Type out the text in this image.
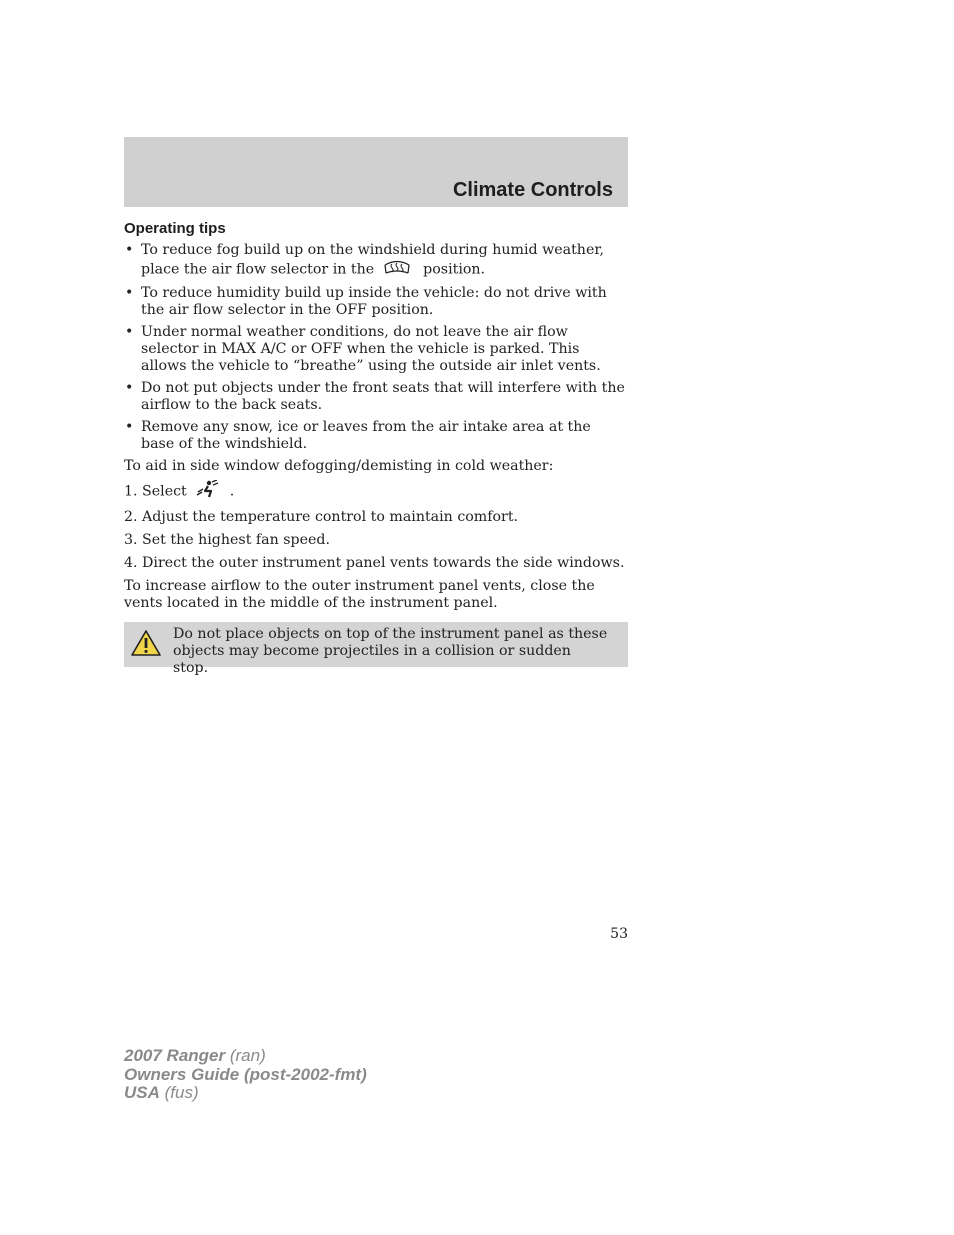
Climate Controls
Operating tips
• To reduce fog build up on the windshield during humid weather, place the air flow selector in the	position.
• To reduce humidity build up inside the vehicle: do not drive with the air flow selector in the OFF position.
• Under normal weather conditions, do not leave the air flow selector in MAX A/C or OFF when the vehicle is parked. This allows the vehicle to “breathe” using the outside air inlet vents.
• Do not put objects under the front seats that will interfere with the airflow to the back seats.
• Remove any snow, ice or leaves from the air intake area at the base of the windshield.

To aid in side window defogging/demisting in cold weather:

1. Select	.
2. Adjust the temperature control to maintain comfort.
3. Set the highest fan speed.
4. Direct the outer instrument panel vents towards the side windows.

To increase airflow to the outer instrument panel vents, close the vents located in the middle of the instrument panel.

Do not place objects on top of the instrument panel as these objects may become projectiles in a collision or sudden stop.
53
2007 Ranger (ran)
Owners Guide (post-2002-fmt)
USA (fus)
